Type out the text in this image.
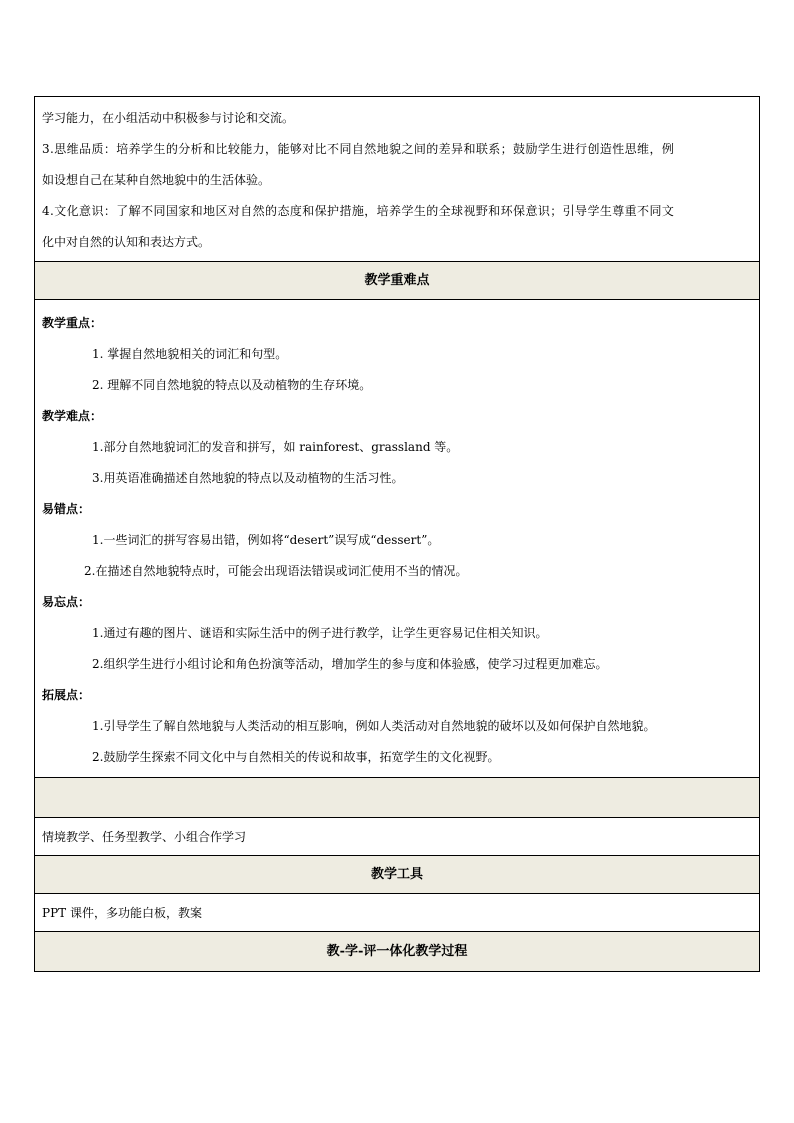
学习能力，在小组活动中积极参与讨论和交流。
3.思维品质：培养学生的分析和比较能力，能够对比不同自然地貌之间的差异和联系；鼓励学生进行创造性思维，例
如设想自己在某种自然地貌中的生活体验。
4.文化意识：了解不同国家和地区对自然的态度和保护措施，培养学生的全球视野和环保意识；引导学生尊重不同文
化中对自然的认知和表达方式。
教学重难点
教学重点：
1. 掌握自然地貌相关的词汇和句型。
2. 理解不同自然地貌的特点以及动植物的生存环境。
教学难点：
1.部分自然地貌词汇的发音和拼写，如 rainforest、grassland 等。
3.用英语准确描述自然地貌的特点以及动植物的生活习性。
易错点：
1.一些词汇的拼写容易出错，例如将“desert”误写成“dessert”。
2.在描述自然地貌特点时，可能会出现语法错误或词汇使用不当的情况。
易忘点：
1.通过有趣的图片、谜语和实际生活中的例子进行教学，让学生更容易记住相关知识。
2.组织学生进行小组讨论和角色扮演等活动，增加学生的参与度和体验感，使学习过程更加难忘。
拓展点：
1.引导学生了解自然地貌与人类活动的相互影响，例如人类活动对自然地貌的破坏以及如何保护自然地貌。
2.鼓励学生探索不同文化中与自然相关的传说和故事，拓宽学生的文化视野。
情境教学、任务型教学、小组合作学习
教学工具
PPT 课件，多功能白板，教案
教-学-评一体化教学过程
